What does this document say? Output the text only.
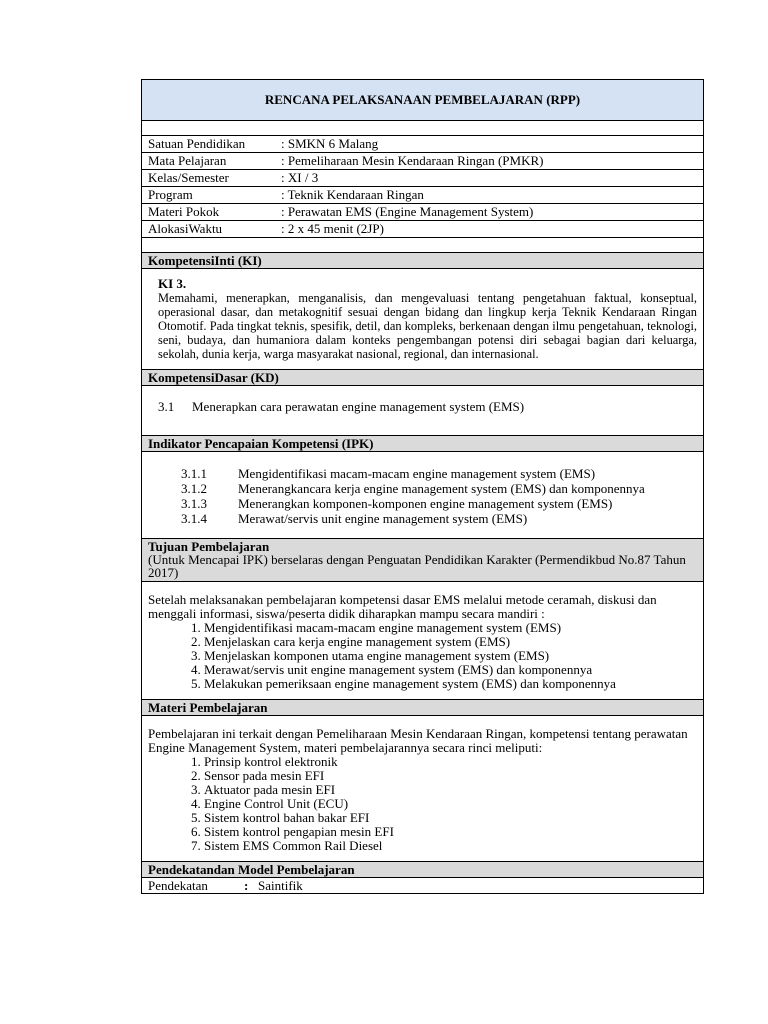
RENCANA PELAKSANAAN PEMBELAJARAN (RPP)
Satuan Pendidikan	: SMKN 6 Malang
Mata Pelajaran	: Pemeliharaan Mesin Kendaraan Ringan (PMKR)
Kelas/Semester	: XI / 3
Program	: Teknik Kendaraan Ringan
Materi Pokok	: Perawatan EMS (Engine Management System)
AlokasiWaktu	: 2 x 45 menit (2JP)
KompetensiInti (KI)
KI 3.

Memahami, menerapkan, menganalisis, dan mengevaluasi tentang pengetahuan faktual, konseptual, operasional dasar, dan metakognitif sesuai dengan bidang dan lingkup kerja Teknik Kendaraan Ringan Otomotif. Pada tingkat teknis, spesifik, detil, dan kompleks, berkenaan dengan ilmu pengetahuan, teknologi, seni, budaya, dan humaniora dalam konteks pengembangan potensi diri sebagai bagian dari keluarga, sekolah, dunia kerja, warga masyarakat nasional, regional, dan internasional.

KompetensiDasar (KD)
3.1 Menerapkan cara perawatan engine management system (EMS)
Indikator Pencapaian Kompetensi (IPK)
3.1.1	Mengidentifikasi macam-macam engine management system (EMS)
3.1.2	Menerangkancara kerja engine management system (EMS) dan komponennya
3.1.3	Menerangkan komponen-komponen engine management system (EMS)
3.1.4	Merawat/servis unit engine management system (EMS)
Tujuan Pembelajaran
(Untuk Mencapai IPK) berselaras dengan Penguatan Pendidikan Karakter (Permendikbud No.87 Tahun 2017)
Setelah melaksanakan pembelajaran kompetensi dasar EMS melalui metode ceramah, diskusi dan menggali informasi, siswa/peserta didik diharapkan mampu secara mandiri :
1. Mengidentifikasi macam-macam engine management system (EMS)
2. Menjelaskan cara kerja engine management system (EMS)
3. Menjelaskan komponen utama engine management system (EMS)
4. Merawat/servis unit engine management system (EMS) dan komponennya
5. Melakukan pemeriksaan engine management system (EMS) dan komponennya
Materi Pembelajaran
Pembelajaran ini terkait dengan Pemeliharaan Mesin Kendaraan Ringan, kompetensi tentang perawatan Engine Management System, materi pembelajarannya secara rinci meliputi:
1. Prinsip kontrol elektronik
2. Sensor pada mesin EFI
3. Aktuator pada mesin EFI
4. Engine Control Unit (ECU)
5. Sistem kontrol bahan bakar EFI
6. Sistem kontrol pengapian mesin EFI
7. Sistem EMS Common Rail Diesel
Pendekatandan Model Pembelajaran
Pendekatan	: Saintifik
